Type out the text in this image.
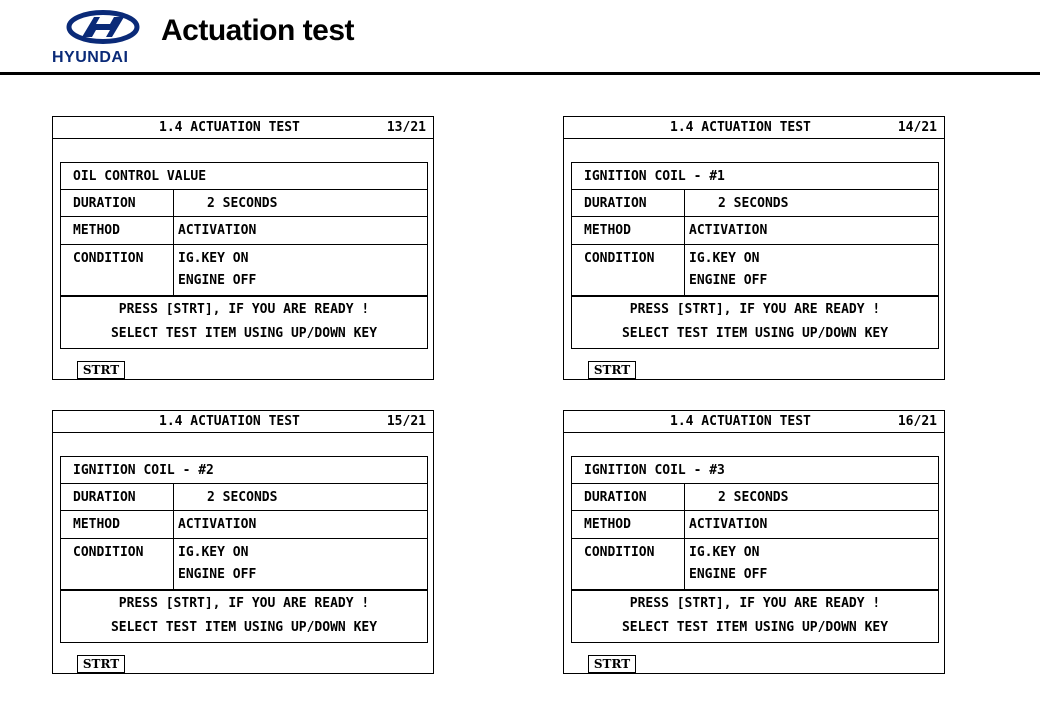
HYUNDAI
Actuation test
1.4 ACTUATION TEST	13/21
OIL CONTROL VALUE
DURATION	2 SECONDS
METHOD	ACTIVATION
CONDITION	IG.KEY ON
ENGINE OFF
PRESS [STRT], IF YOU ARE READY !
SELECT TEST ITEM USING UP/DOWN KEY
STRT
1.4 ACTUATION TEST	14/21
IGNITION COIL - #1
DURATION	2 SECONDS
METHOD	ACTIVATION
CONDITION	IG.KEY ON
ENGINE OFF
PRESS [STRT], IF YOU ARE READY !
SELECT TEST ITEM USING UP/DOWN KEY
STRT
1.4 ACTUATION TEST	15/21
IGNITION COIL - #2
DURATION	2 SECONDS
METHOD	ACTIVATION
CONDITION	IG.KEY ON
ENGINE OFF
PRESS [STRT], IF YOU ARE READY !
SELECT TEST ITEM USING UP/DOWN KEY
STRT
1.4 ACTUATION TEST	16/21
IGNITION COIL - #3
DURATION	2 SECONDS
METHOD	ACTIVATION
CONDITION	IG.KEY ON
ENGINE OFF
PRESS [STRT], IF YOU ARE READY !
SELECT TEST ITEM USING UP/DOWN KEY
STRT
